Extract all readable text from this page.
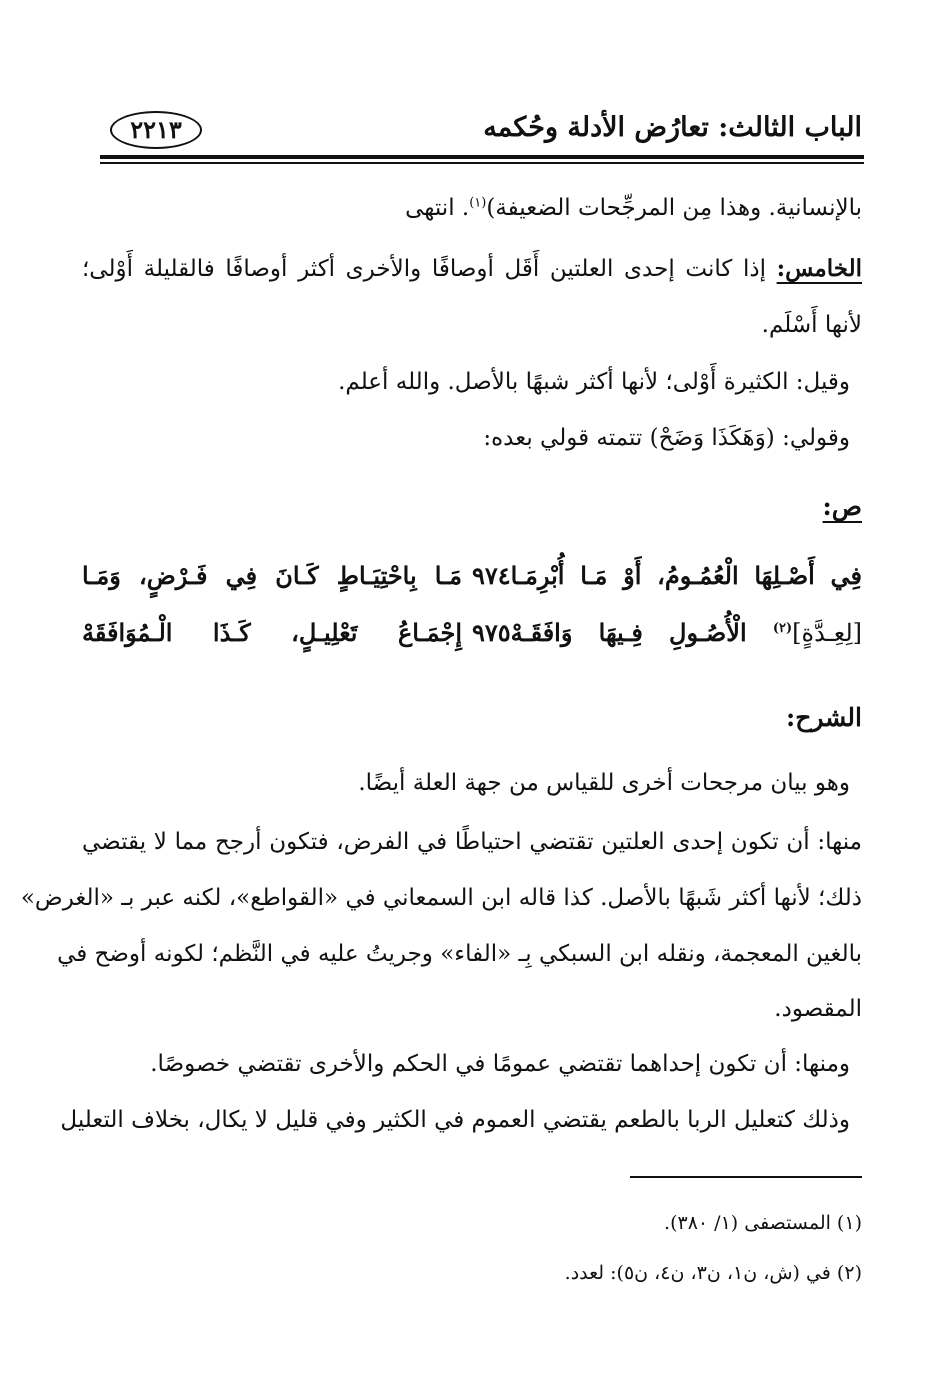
الباب الثالث: تعارُض الأدلة وحُكمه
٢٢١٣
بالإنسانية. وهذا مِن المرجِّحات الضعيفة)$^{(١)}$. انتهى
الخامس: إذا كانت إحدى العلتين أَقَل أوصافًا والأخرى أكثر أوصافًا فالقليلة أَوْلى؛
لأنها أَسْلَم.
وقيل: الكثيرة أَوْلى؛ لأنها أكثر شبهًا بالأصل. والله أعلم.
وقولي: (وَهَكَذَا وَضَحْ) تتمته قولي بعده:
ص:
فِي أَصْـلِهَا الْعُمُـومُ، أَوْ مَـا أُبْرِمَـا
٩٧٤
مَـا بِاحْتِيَـاطٍ كَـانَ فِي فَـرْضٍ، وَمَـا
[لِعِـدَّةٍ]$^{(٢)}$ الْأُصُـولِ فِـيهَا وَافَقَـهْ
٩٧٥
إِجْمَـاعُ تَعْلِيـلٍ، كَـذَا الْـمُوَافَقَهْ
الشرح:
وهو بيان مرجحات أخرى للقياس من جهة العلة أيضًا.
منها: أن تكون إحدى العلتين تقتضي احتياطًا في الفرض، فتكون أرجح مما لا يقتضي
ذلك؛ لأنها أكثر شَبهًا بالأصل. كذا قاله ابن السمعاني في «القواطع»، لكنه عبر بـ «الغرض»
بالغين المعجمة، ونقله ابن السبكي بِـ «الفاء» وجريتُ عليه في النَّظم؛ لكونه أوضح في
المقصود.
ومنها: أن تكون إحداهما تقتضي عمومًا في الحكم والأخرى تقتضي خصوصًا.
وذلك كتعليل الربا بالطعم يقتضي العموم في الكثير وفي قليل لا يكال، بخلاف التعليل
(١) المستصفى (١/ ٣٨٠).
(٢) في (ش، ن١، ن٣، ن٤، ن٥): لعدد.
